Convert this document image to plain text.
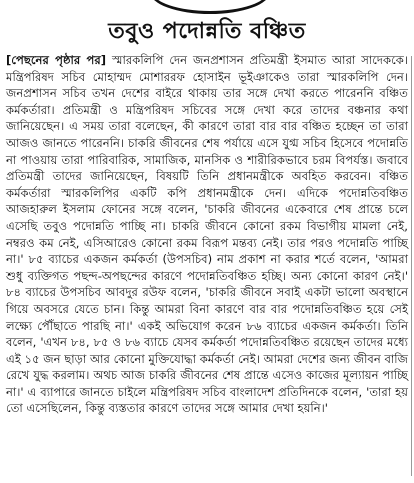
তবুও পদোন্নতি বঞ্চিত
[পেছনের পৃষ্ঠার পর] স্মারকলিপি দেন জনপ্রশাসন প্রতিমন্ত্রী ইসমাত আরা সাদেককে। মন্ত্রিপরিষদ সচিব মোহাম্মদ মোশাররফ হোসাইন ভূইঞাকেও তারা স্মারকলিপি দেন। জনপ্রশাসন সচিব তখন দেশের বাইরে থাকায় তার সঙ্গে দেখা করতে পারেননি বঞ্চিত কর্মকর্তারা। প্রতিমন্ত্রী ও মন্ত্রিপরিষদ সচিবের সঙ্গে দেখা করে তাদের বঞ্চনার কথা জানিয়েছেন। এ সময় তারা বলেছেন, কী কারণে তারা বার বার বঞ্চিত হচ্ছেন তা তারা আজও জানতে পারেননি। চাকরি জীবনের শেষ পর্যায়ে এসে যুগ্ম সচিব হিসেবে পদোন্নতি না পাওয়ায় তারা পারিবারিক, সামাজিক, মানসিক ও শারীরিকভাবে চরম বিপর্যস্ত। জবাবে প্রতিমন্ত্রী তাদের জানিয়েছেন, বিষয়টি তিনি প্রধানমন্ত্রীকে অবহিত করবেন। বঞ্চিত কর্মকর্তারা স্মারকলিপির একটি কপি প্রধানমন্ত্রীকে দেন। এদিকে পদোন্নতিবঞ্চিত আজহারুল ইসলাম ফোনের সঙ্গে বলেন, 'চাকরি জীবনের একেবারে শেষ প্রান্তে চলে এসেছি তবুও পদোন্নতি পাচ্ছি না। চাকরি জীবনে কোনো রকম বিভাগীয় মামলা নেই, নম্বরও কম নেই, এসিআরেও কোনো রকম বিরূপ মন্তব্য নেই। তার পরও পদোন্নতি পাচ্ছি না।' ৮৫ ব্যাচের একজন কর্মকর্তা (উপসচিব) নাম প্রকাশ না করার শর্তে বলেন, 'আমরা শুধু ব্যক্তিগত পছন্দ-অপছন্দের কারণে পদোন্নতিবঞ্চিত হচ্ছি। অন্য কোনো কারণ নেই।' ৮৪ ব্যাচের উপসচিব আবদুর রউফ বলেন, 'চাকরি জীবনে সবাই একটা ভালো অবস্থানে গিয়ে অবসরে যেতে চান। কিন্তু আমরা বিনা কারণে বার বার পদোন্নতিবঞ্চিত হয়ে সেই লক্ষ্যে পৌঁছাতে পারছি না।' একই অভিযোগ করেন ৮৬ ব্যাচের একজন কর্মকর্তা। তিনি বলেন, 'এখন ৮৪, ৮৫ ও ৮৬ ব্যাচে যেসব কর্মকর্তা পদোন্নতিবঞ্চিত রয়েছেন তাদের মধ্যে এই ১৫ জন ছাড়া আর কোনো মুক্তিযোদ্ধা কর্মকর্তা নেই। আমরা দেশের জন্য জীবন বাজি রেখে যুদ্ধ করলাম। অথচ আজ চাকরি জীবনের শেষ প্রান্তে এসেও কাজের মূল্যায়ন পাচ্ছি না।' এ ব্যাপারে জানতে চাইলে মন্ত্রিপরিষদ সচিব বাংলাদেশ প্রতিদিনকে বলেন, 'তারা হয় তো এসেছিলেন, কিন্তু ব্যস্ততার কারণে তাদের সঙ্গে আমার দেখা হয়নি।'
